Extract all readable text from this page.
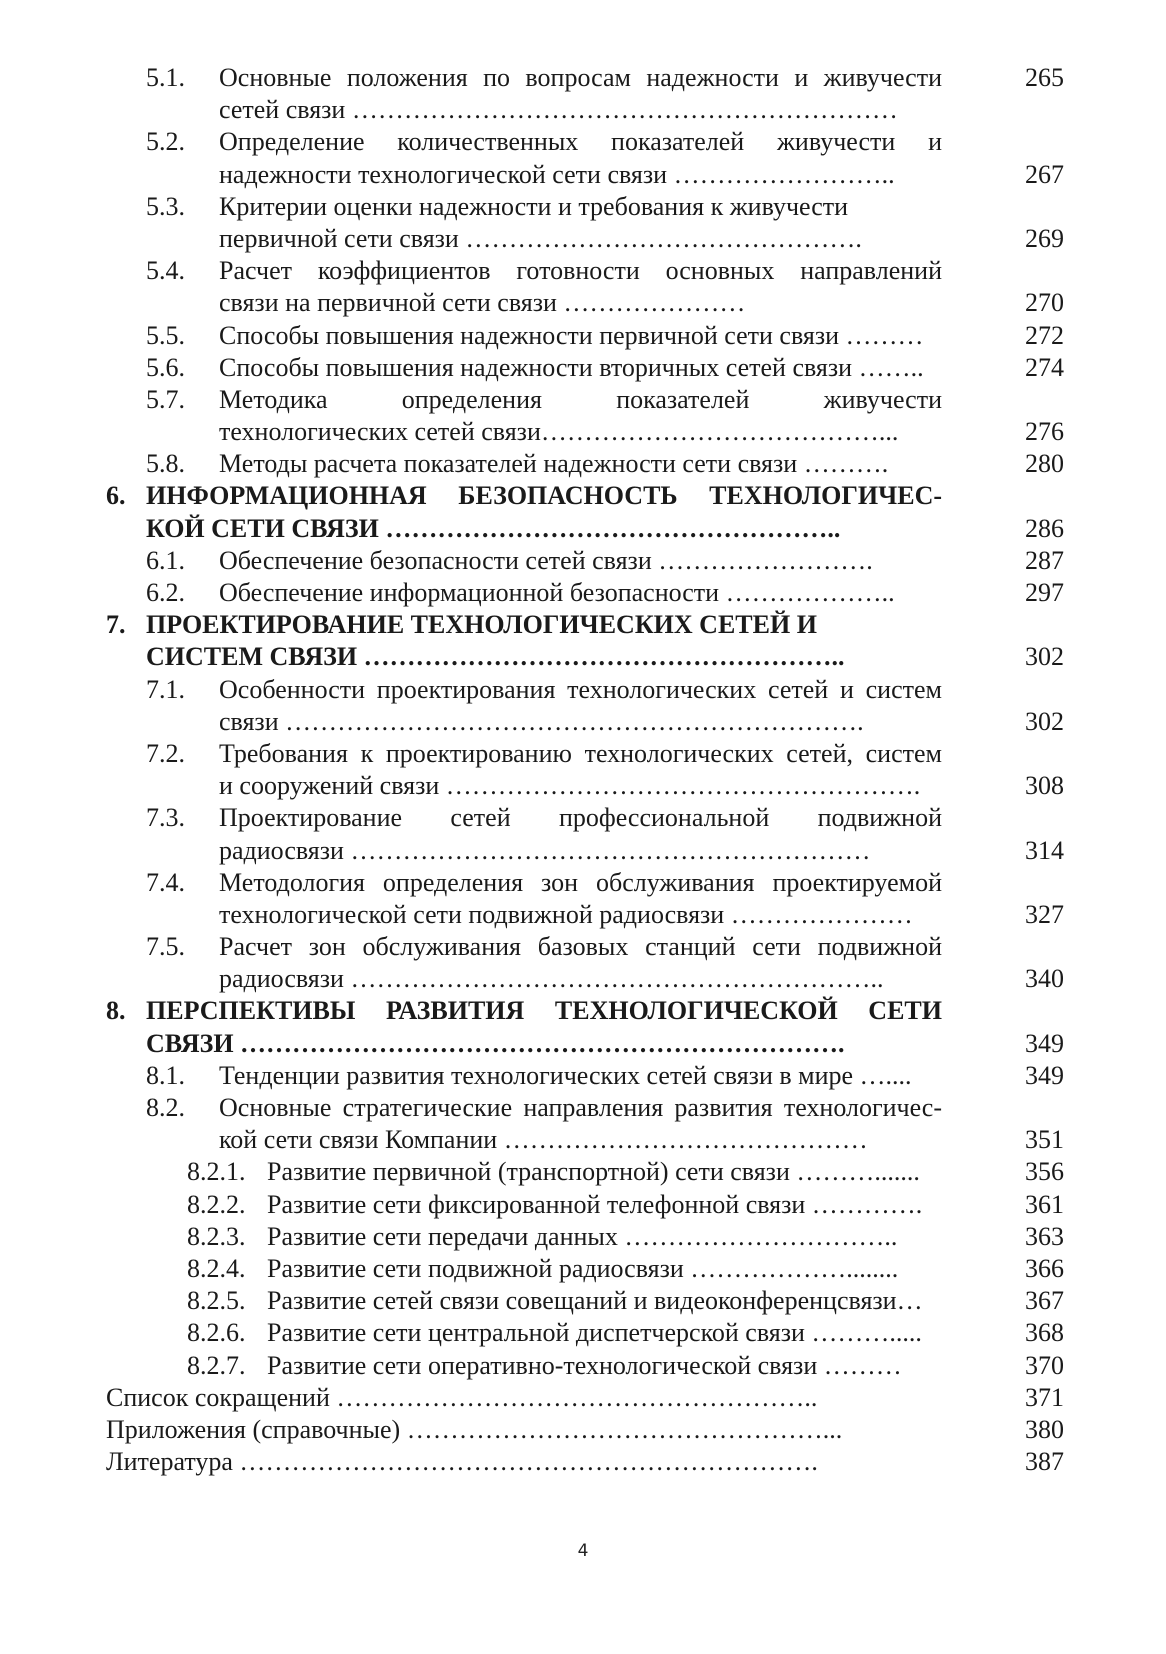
5.1. Основные положения по вопросам надежности и живучести	265
сетей связи ………………………………………………………
5.2. Определение количественных показателей живучести и
надежности технологической сети связи ……………………..	267
5.3. Критерии оценки надежности и требования к живучести
первичной сети связи ……………………………………….	269
5.4. Расчет коэффициентов готовности основных направлений
связи на первичной сети связи …………………	270
5.5. Способы повышения надежности первичной сети связи ………	272
5.6. Способы повышения надежности вторичных сетей связи ……..	274
5.7. Методика определения показателей живучести
технологических сетей связи…………………………………...	276
5.8. Методы расчета показателей надежности сети связи ……….	280
6. ИНФОРМАЦИОННАЯ БЕЗОПАСНОСТЬ ТЕХНОЛОГИЧЕС-
КОЙ СЕТИ СВЯЗИ ……………………………………………..	286
6.1. Обеспечение безопасности сетей связи …………………….	287
6.2. Обеспечение информационной безопасности ………………..	297
7. ПРОЕКТИРОВАНИЕ ТЕХНОЛОГИЧЕСКИХ СЕТЕЙ И
СИСТЕМ СВЯЗИ ………………………………………………..	302
7.1. Особенности проектирования технологических сетей и систем
связи ………………………………………………………….	302
7.2. Требования к проектированию технологических сетей, систем
и сооружений связи ……………………………………………….	308
7.3. Проектирование сетей профессиональной подвижной
радиосвязи ……………………………………………………	314
7.4. Методология определения зон обслуживания проектируемой
технологической сети подвижной радиосвязи …………………	327
7.5. Расчет зон обслуживания базовых станций сети подвижной
радиосвязи ……………………………………………………..	340
8. ПЕРСПЕКТИВЫ РАЗВИТИЯ ТЕХНОЛОГИЧЕСКОЙ СЕТИ
СВЯЗИ …………………………………………………………….	349
8.1. Тенденции развития технологических сетей связи в мире …....	349
8.2. Основные стратегические направления развития технологичес-
кой сети связи Компании ……………………………………	351
8.2.1. Развитие первичной (транспортной) сети связи ……….......	356
8.2.2. Развитие сети фиксированной телефонной связи ………….	361
8.2.3. Развитие сети передачи данных …………………………..	363
8.2.4. Развитие сети подвижной радиосвязи ………………........	366
8.2.5. Развитие сетей связи совещаний и видеоконференцсвязи…	367
8.2.6. Развитие сети центральной диспетчерской связи ……….....	368
8.2.7. Развитие сети оперативно-технологической связи ………	370
Список сокращений ………………………………………………..	371
Приложения (справочные) …………………………………………...	380
Литература ………………………………………………………….	387
4
